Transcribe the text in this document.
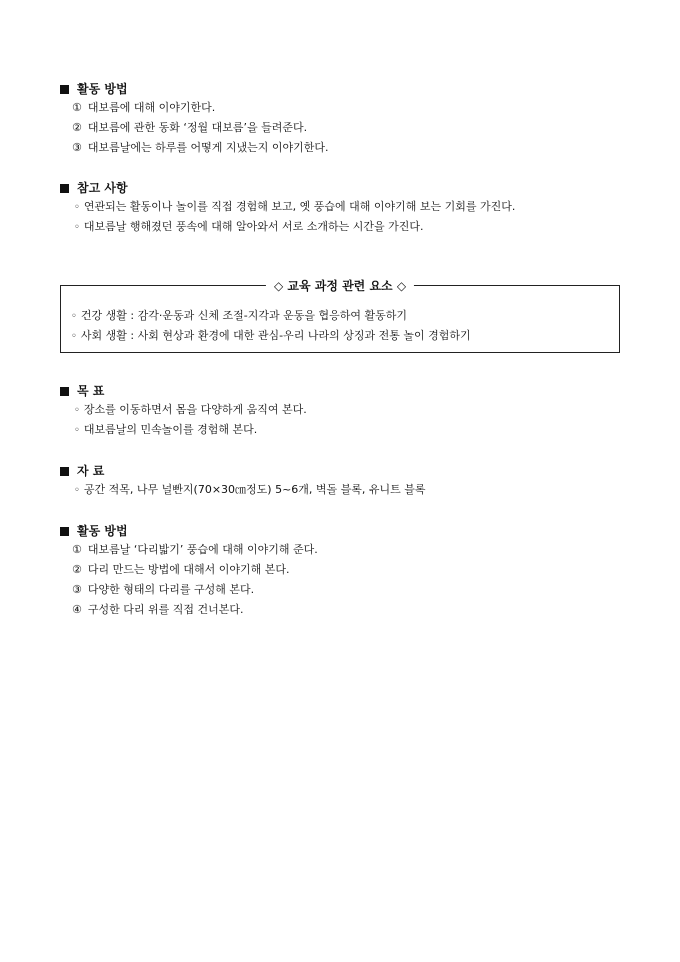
활동 방법
① 대보름에 대해 이야기한다.
② 대보름에 관한 동화 ‘정월 대보름’을 들려준다.
③ 대보름날에는 하루를 어떻게 지냈는지 이야기한다.
참고 사항
◦ 연관되는 활동이나 놀이를 직접 경험해 보고, 옛 풍습에 대해 이야기해 보는 기회를 가진다.
◦ 대보름날 행해졌던 풍속에 대해 알아와서 서로 소개하는 시간을 가진다.
◇ 교육 과정 관련 요소 ◇
◦ 건강 생활 : 감각·운동과 신체 조절-지각과 운동을 협응하여 활동하기
◦ 사회 생활 : 사회 현상과 환경에 대한 관심-우리 나라의 상징과 전통 놀이 경험하기
목 표
◦ 장소를 이동하면서 몸을 다양하게 움직여 본다.
◦ 대보름날의 민속놀이를 경험해 본다.
자 료
◦ 공간 적목, 나무 널빤지(70×30㎝정도) 5~6개, 벽돌 블록, 유니트 블록
활동 방법
① 대보름날 ‘다리밟기’ 풍습에 대해 이야기해 준다.
② 다리 만드는 방법에 대해서 이야기해 본다.
③ 다양한 형태의 다리를 구성해 본다.
④ 구성한 다리 위를 직접 건너본다.
